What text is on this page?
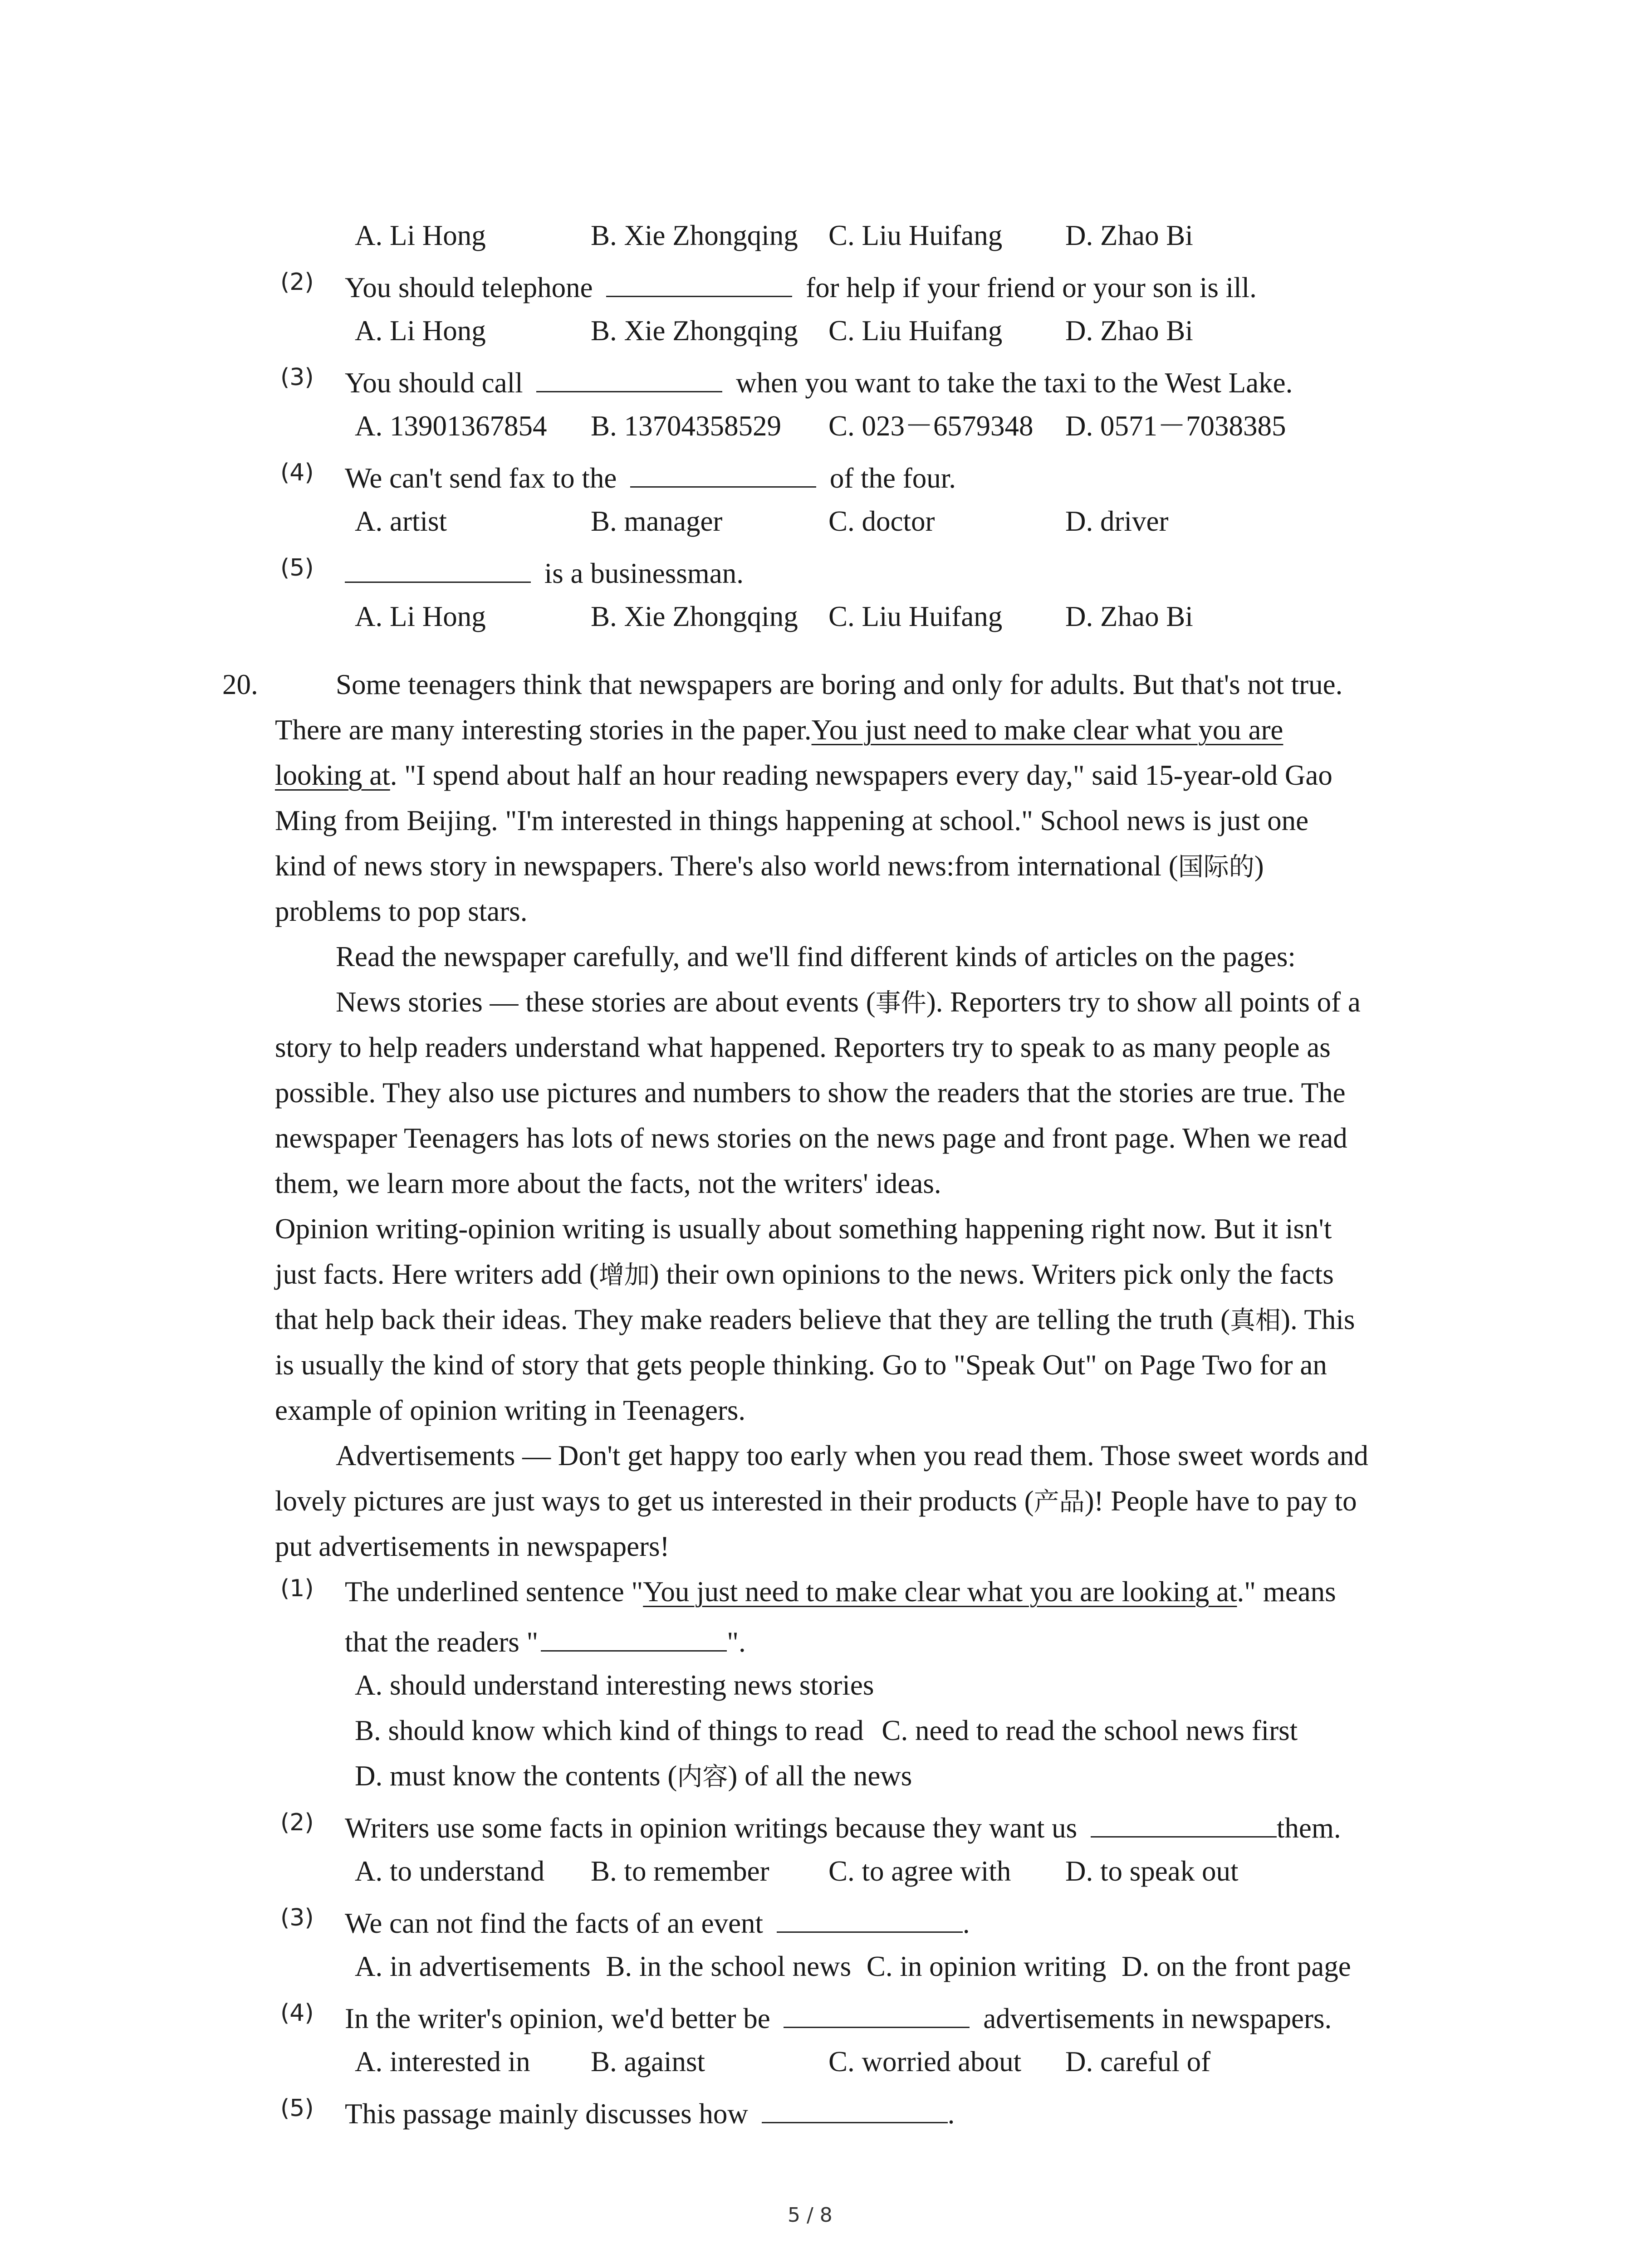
A. Li Hong	B. Xie Zhongqing C. Liu Huifang D. Zhao Bi
(2) You should telephone	for help if your friend or your son is ill.
A. Li Hong	B. Xie Zhongqing C. Liu Huifang D. Zhao Bi
(3) You should call	when you want to take the taxi to the West Lake.
A. 13901367854 B. 13704358529 C. 023－6579348 D. 0571－7038385
(4) We can't send fax to the	of the four.
A. artist	B. manager	C. doctor	D. driver
(5)	is a businessman.
A. Li Hong	B. Xie Zhongqing C. Liu Huifang D. Zhao Bi
20.	Some teenagers think that newspapers are boring and only for adults. But that's not true.
There are many interesting stories in the paper.You just need to make clear what you are
looking at. "I spend about half an hour reading newspapers every day," said 15-year-old Gao
Ming from Beijing. "I'm interested in things happening at school." School news is just one
kind of news story in newspapers. There's also world news:from international (国际的)
problems to pop stars.
Read the newspaper carefully, and we'll find different kinds of articles on the pages:
News stories — these stories are about events (事件). Reporters try to show all points of a
story to help readers understand what happened. Reporters try to speak to as many people as
possible. They also use pictures and numbers to show the readers that the stories are true. The
newspaper Teenagers has lots of news stories on the news page and front page. When we read
them, we learn more about the facts, not the writers' ideas.
Opinion writing-opinion writing is usually about something happening right now. But it isn't
just facts. Here writers add (增加) their own opinions to the news. Writers pick only the facts
that help back their ideas. They make readers believe that they are telling the truth (真相). This
is usually the kind of story that gets people thinking. Go to "Speak Out" on Page Two for an
example of opinion writing in Teenagers.
Advertisements — Don't get happy too early when you read them. Those sweet words and
lovely pictures are just ways to get us interested in their products (产品)! People have to pay to
put advertisements in newspapers!
(1) The underlined sentence "You just need to make clear what you are looking at." means
that the readers "	".
A. should understand interesting news stories
B. should know which kind of things to read C. need to read the school news first
D. must know the contents (内容) of all the news
(2) Writers use some facts in opinion writings because they want us	them.
A. to understand B. to remember C. to agree with D. to speak out
(3) We can not find the facts of an event	.
A. in advertisements B. in the school news C. in opinion writing D. on the front page
(4) In the writer's opinion, we'd better be	advertisements in newspapers.
A. interested in B. against	C. worried about D. careful of
(5) This passage mainly discusses how	.
5 / 8
